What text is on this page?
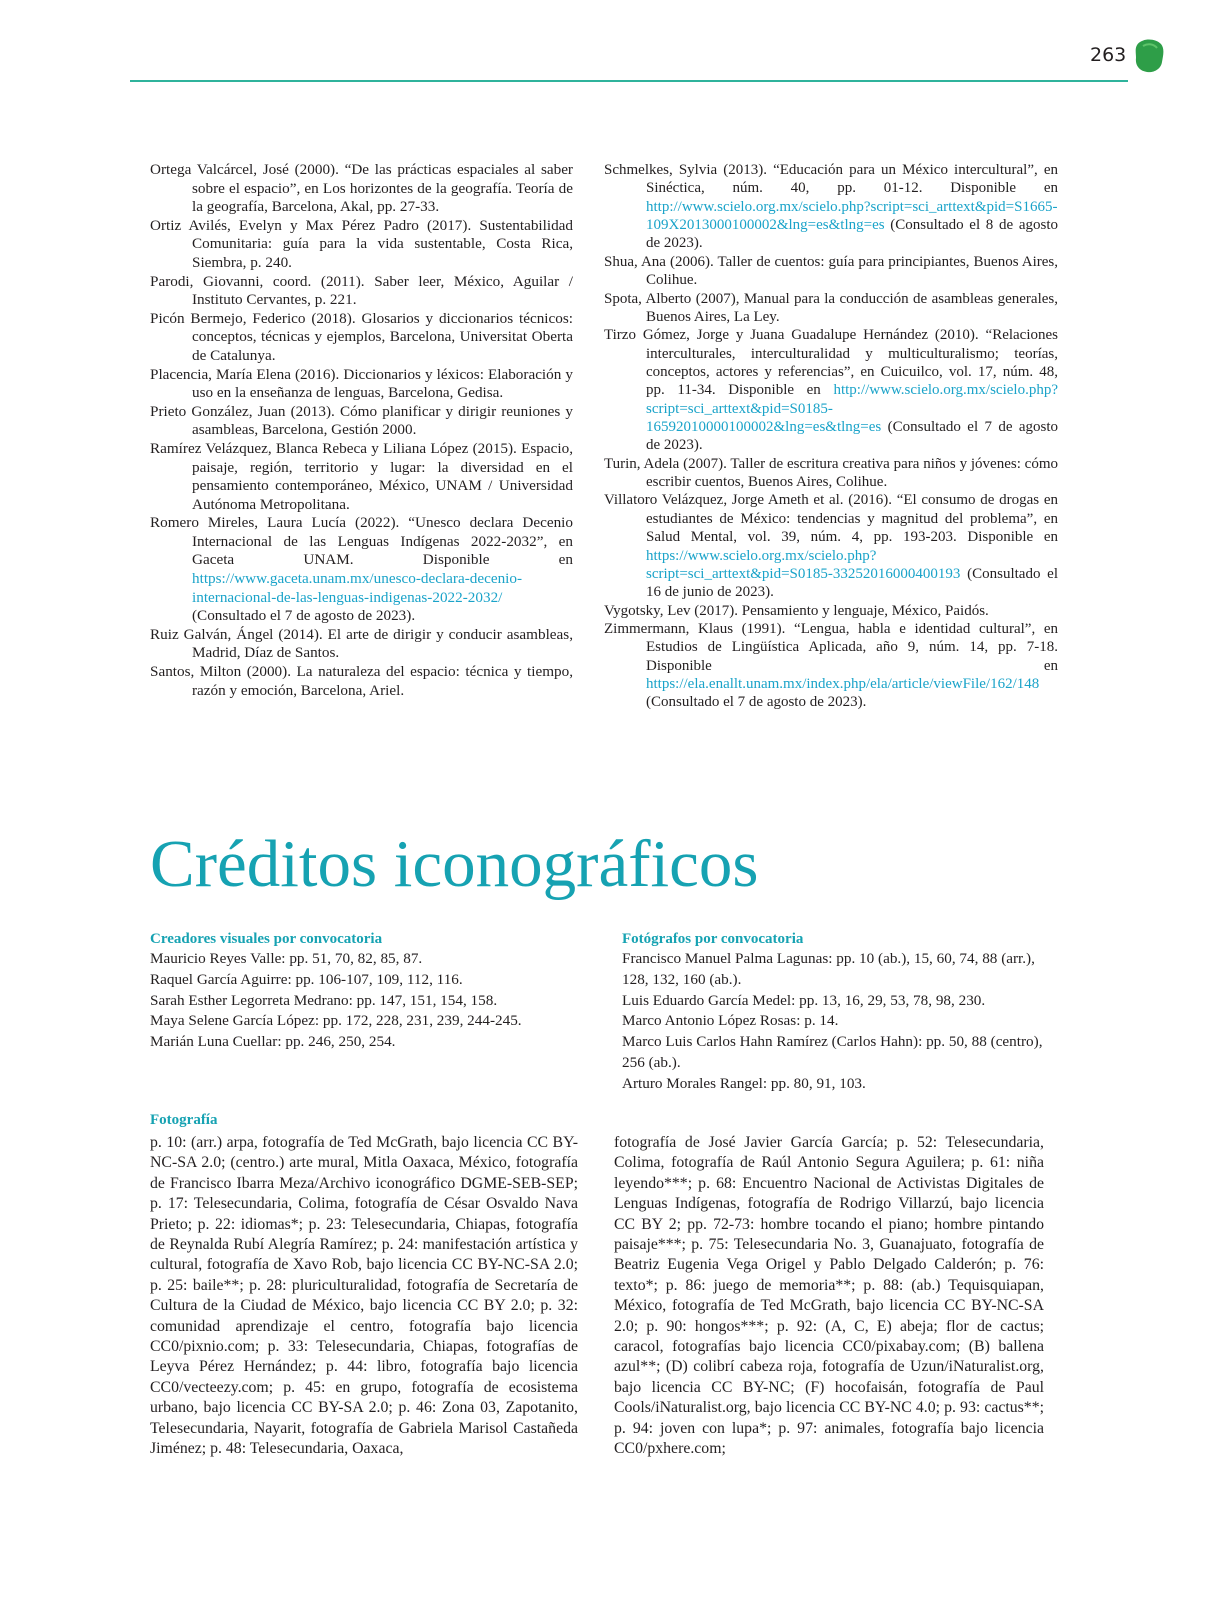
263

Ortega Valcárcel, José (2000). “De las prácticas espaciales al saber sobre el espacio”, en Los horizontes de la geografía. Teoría de la geografía, Barcelona, Akal, pp. 27-33.

Ortiz Avilés, Evelyn y Max Pérez Padro (2017). Sustentabilidad Comunitaria: guía para la vida sustentable, Costa Rica, Siembra, p. 240.

Parodi, Giovanni, coord. (2011). Saber leer, México, Aguilar / Instituto Cervantes, p. 221.

Picón Bermejo, Federico (2018). Glosarios y diccionarios técnicos: conceptos, técnicas y ejemplos, Barcelona, Universitat Oberta de Catalunya.

Placencia, María Elena (2016). Diccionarios y léxicos: Elaboración y uso en la enseñanza de lenguas, Barcelona, Gedisa.

Prieto González, Juan (2013). Cómo planificar y dirigir reuniones y asambleas, Barcelona, Gestión 2000.

Ramírez Velázquez, Blanca Rebeca y Liliana López (2015). Espacio, paisaje, región, territorio y lugar: la diversidad en el pensamiento contemporáneo, México, UNAM / Universidad Autónoma Metropolitana.

Romero Mireles, Laura Lucía (2022). “Unesco declara Decenio Internacional de las Lenguas Indígenas 2022-2032”, en Gaceta UNAM. Disponible en https://www.gaceta.unam.mx/unesco-declara-decenio-internacional-de-las-lenguas-indigenas-2022-2032/ (Consultado el 7 de agosto de 2023).

Ruiz Galván, Ángel (2014). El arte de dirigir y conducir asambleas, Madrid, Díaz de Santos.

Santos, Milton (2000). La naturaleza del espacio: técnica y tiempo, razón y emoción, Barcelona, Ariel.

Schmelkes, Sylvia (2013). “Educación para un México intercultural”, en Sinéctica, núm. 40, pp. 01-12. Disponible en http://www.scielo.org.mx/scielo.php?script=sci_arttext&pid=S1665-109X2013000100002&lng=es&tlng=es (Consultado el 8 de agosto de 2023).

Shua, Ana (2006). Taller de cuentos: guía para principiantes, Buenos Aires, Colihue.

Spota, Alberto (2007), Manual para la conducción de asambleas generales, Buenos Aires, La Ley.

Tirzo Gómez, Jorge y Juana Guadalupe Hernández (2010). “Relaciones interculturales, interculturalidad y multiculturalismo; teorías, conceptos, actores y referencias”, en Cuicuilco, vol. 17, núm. 48, pp. 11-34. Disponible en http://www.scielo.org.mx/scielo.php?script=sci_arttext&pid=S0185-16592010000100002&lng=es&tlng=es (Consultado el 7 de agosto de 2023).

Turin, Adela (2007). Taller de escritura creativa para niños y jóvenes: cómo escribir cuentos, Buenos Aires, Colihue.

Villatoro Velázquez, Jorge Ameth et al. (2016). “El consumo de drogas en estudiantes de México: tendencias y magnitud del problema”, en Salud Mental, vol. 39, núm. 4, pp. 193-203. Disponible en https://www.scielo.org.mx/scielo.php?script=sci_arttext&pid=S0185-33252016000400193 (Consultado el 16 de junio de 2023).

Vygotsky, Lev (2017). Pensamiento y lenguaje, México, Paidós.

Zimmermann, Klaus (1991). “Lengua, habla e identidad cultural”, en Estudios de Lingüística Aplicada, año 9, núm. 14, pp. 7-18. Disponible en https://ela.enallt.unam.mx/index.php/ela/article/viewFile/162/148 (Consultado el 7 de agosto de 2023).

Créditos iconográficos

Creadores visuales por convocatoria

Mauricio Reyes Valle: pp. 51, 70, 82, 85, 87.

Raquel García Aguirre: pp. 106-107, 109, 112, 116.

Sarah Esther Legorreta Medrano: pp. 147, 151, 154, 158.

Maya Selene García López: pp. 172, 228, 231, 239, 244-245.

Marián Luna Cuellar: pp. 246, 250, 254.

Fotógrafos por convocatoria

Francisco Manuel Palma Lagunas: pp. 10 (ab.), 15, 60, 74, 88 (arr.), 128, 132, 160 (ab.).

Luis Eduardo García Medel: pp. 13, 16, 29, 53, 78, 98, 230.

Marco Antonio López Rosas: p. 14.

Marco Luis Carlos Hahn Ramírez (Carlos Hahn): pp. 50, 88 (centro), 256 (ab.).

Arturo Morales Rangel: pp. 80, 91, 103.

Fotografía

p. 10: (arr.) arpa, fotografía de Ted McGrath, bajo licencia CC BY- NC-SA 2.0; (centro.) arte mural, Mitla Oaxaca, México, fotografía de Francisco Ibarra Meza/Archivo iconográfico DGME-SEB-SEP; p. 17: Telesecundaria, Colima, fotografía de César Osvaldo Nava Prieto; p. 22: idiomas*; p. 23: Telesecundaria, Chiapas, fotografía de Reynalda Rubí Alegría Ramírez; p. 24: manifestación artística y cultural, fotografía de Xavo Rob, bajo licencia CC BY-NC-SA 2.0; p. 25: baile**; p. 28: pluriculturalidad, fotografía de Secretaría de Cultura de la Ciudad de México, bajo licencia CC BY 2.0; p. 32: comunidad aprendizaje el centro, fotografía bajo licencia CC0/pixnio.com; p. 33: Telesecundaria, Chiapas, fotografías de Leyva Pérez Hernández; p. 44: libro, fotografía bajo licencia CC0/vecteezy.com; p. 45: en grupo, fotografía de ecosistema urbano, bajo licencia CC BY-SA 2.0; p. 46: Zona 03, Zapotanito, Telesecundaria, Nayarit, fotografía de Gabriela Marisol Castañeda Jiménez; p. 48: Telesecundaria, Oaxaca,

fotografía de José Javier García García; p. 52: Telesecundaria, Colima, fotografía de Raúl Antonio Segura Aguilera; p. 61: niña leyendo***; p. 68: Encuentro Nacional de Activistas Digitales de Lenguas Indígenas, fotografía de Rodrigo Villarzú, bajo licencia CC BY 2; pp. 72-73: hombre tocando el piano; hombre pintando paisaje***; p. 75: Telesecundaria No. 3, Guanajuato, fotografía de Beatriz Eugenia Vega Origel y Pablo Delgado Calderón; p. 76: texto*; p. 86: juego de memoria**; p. 88: (ab.) Tequisquiapan, México, fotografía de Ted McGrath, bajo licencia CC BY-NC-SA 2.0; p. 90: hongos***; p. 92: (A, C, E) abeja; flor de cactus; caracol, fotografías bajo licencia CC0/pixabay.com; (B) ballena azul**; (D) colibrí cabeza roja, fotografía de Uzun/iNaturalist.org, bajo licencia CC BY-NC; (F) hocofaisán, fotografía de Paul Cools/iNaturalist.org, bajo licencia CC BY-NC 4.0; p. 93: cactus**; p. 94: joven con lupa*; p. 97: animales, fotografía bajo licencia CC0/pxhere.com;
